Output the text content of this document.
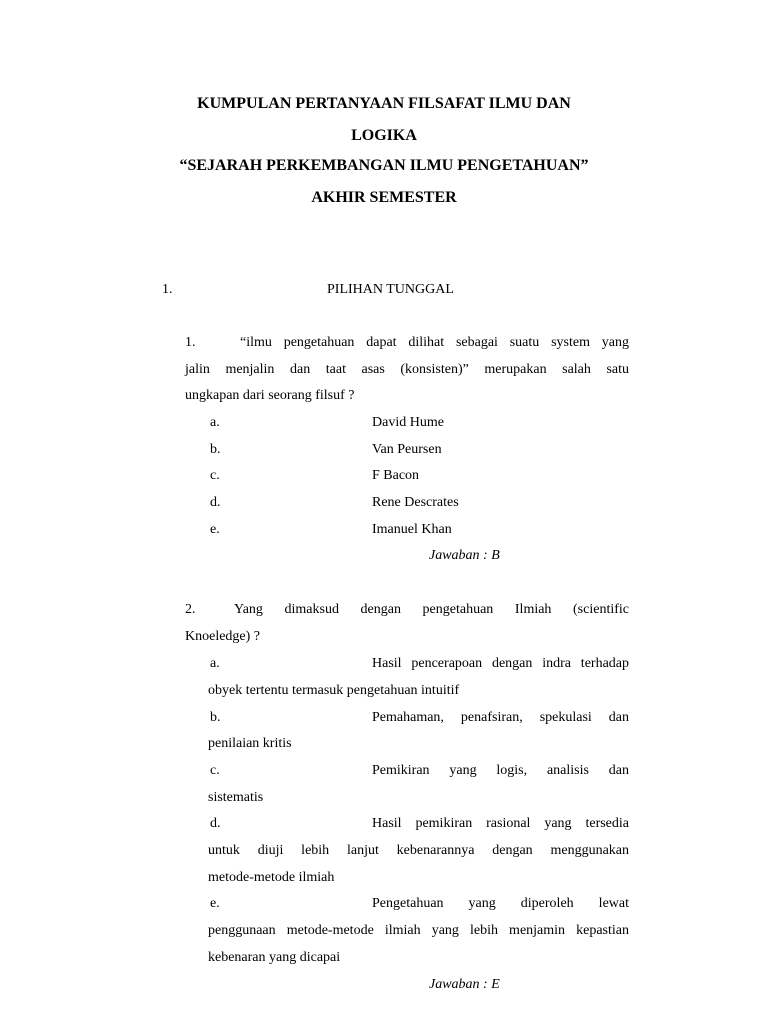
KUMPULAN PERTANYAAN FILSAFAT ILMU DAN
LOGIKA
“SEJARAH PERKEMBANGAN ILMU PENGETAHUAN”
AKHIR SEMESTER
1.	PILIHAN TUNGGAL
1.	“ilmu pengetahuan dapat dilihat sebagai suatu system yang
jalin menjalin dan taat asas (konsisten)” merupakan salah satu
ungkapan dari seorang filsuf ?
a.	David Hume
b.	Van Peursen
c.	F Bacon
d.	Rene Descrates
e.	Imanuel Khan
Jawaban : B
2.	Yang dimaksud dengan pengetahuan Ilmiah (scientific
Knoeledge) ?
a.	Hasil pencerapoan dengan indra terhadap
obyek tertentu termasuk pengetahuan intuitif
b.	Pemahaman, penafsiran, spekulasi dan
penilaian kritis
c.	Pemikiran yang logis, analisis dan
sistematis
d.	Hasil pemikiran rasional yang tersedia
untuk diuji lebih lanjut kebenarannya dengan menggunakan
metode-metode ilmiah
e.	Pengetahuan yang diperoleh lewat
penggunaan metode-metode ilmiah yang lebih menjamin kepastian
kebenaran yang dicapai
Jawaban : E
